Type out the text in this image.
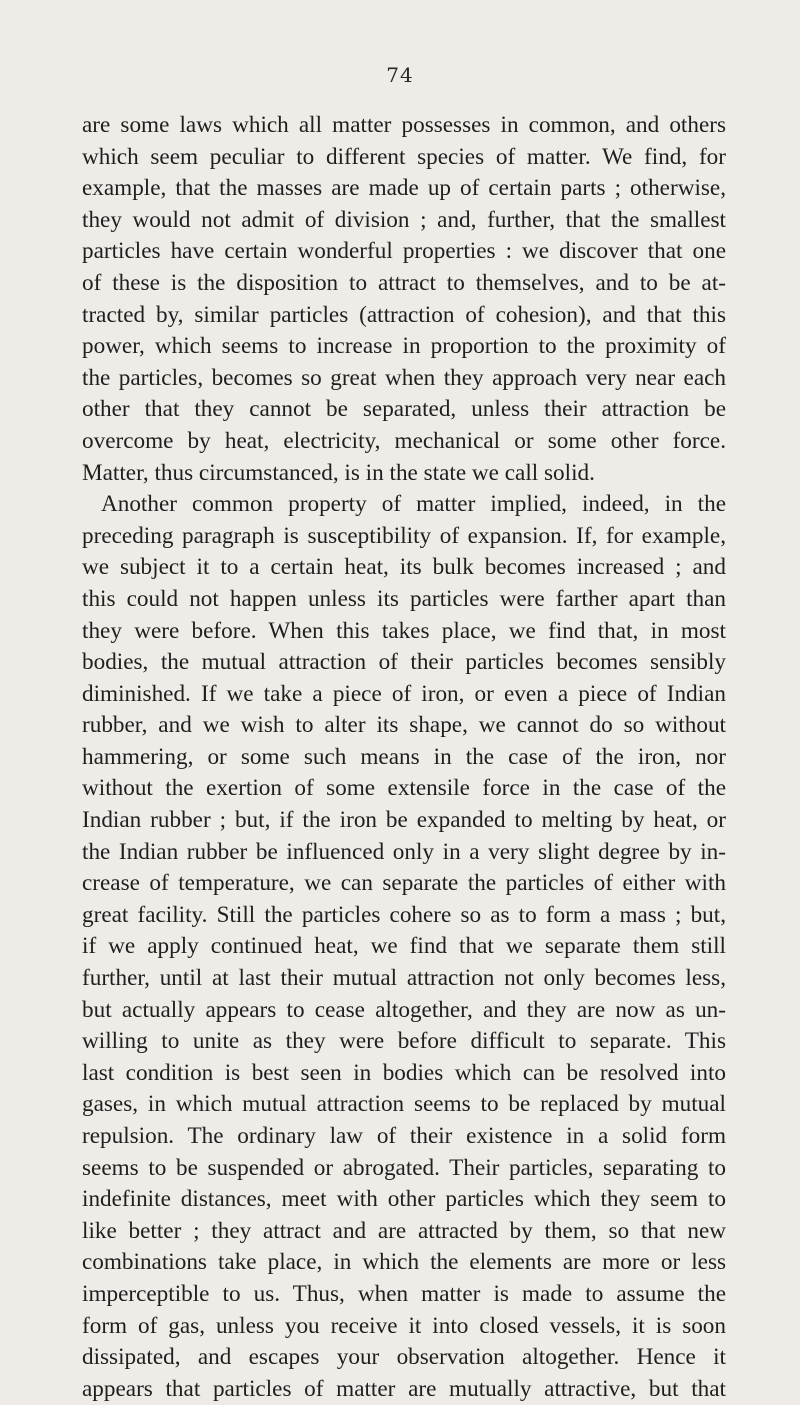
74
are some laws which all matter possesses in common, and others
which seem peculiar to different species of matter. We find, for
example, that the masses are made up of certain parts ; otherwise,
they would not admit of division ; and, further, that the smallest
particles have certain wonderful properties : we discover that one
of these is the disposition to attract to themselves, and to be at-
tracted by, similar particles (attraction of cohesion), and that this
power, which seems to increase in proportion to the proximity of
the particles, becomes so great when they approach very near each
other that they cannot be separated, unless their attraction be
overcome by heat, electricity, mechanical or some other force.
Matter, thus circumstanced, is in the state we call solid.
Another common property of matter implied, indeed, in the
preceding paragraph is susceptibility of expansion. If, for example,
we subject it to a certain heat, its bulk becomes increased ; and
this could not happen unless its particles were farther apart than
they were before. When this takes place, we find that, in most
bodies, the mutual attraction of their particles becomes sensibly
diminished. If we take a piece of iron, or even a piece of Indian
rubber, and we wish to alter its shape, we cannot do so without
hammering, or some such means in the case of the iron, nor
without the exertion of some extensile force in the case of the
Indian rubber ; but, if the iron be expanded to melting by heat, or
the Indian rubber be influenced only in a very slight degree by in-
crease of temperature, we can separate the particles of either with
great facility. Still the particles cohere so as to form a mass ; but,
if we apply continued heat, we find that we separate them still
further, until at last their mutual attraction not only becomes less,
but actually appears to cease altogether, and they are now as un-
willing to unite as they were before difficult to separate. This
last condition is best seen in bodies which can be resolved into
gases, in which mutual attraction seems to be replaced by mutual
repulsion. The ordinary law of their existence in a solid form
seems to be suspended or abrogated. Their particles, separating to
indefinite distances, meet with other particles which they seem to
like better ; they attract and are attracted by them, so that new
combinations take place, in which the elements are more or less
imperceptible to us. Thus, when matter is made to assume the
form of gas, unless you receive it into closed vessels, it is soon
dissipated, and escapes your observation altogether. Hence it
appears that particles of matter are mutually attractive, but that
